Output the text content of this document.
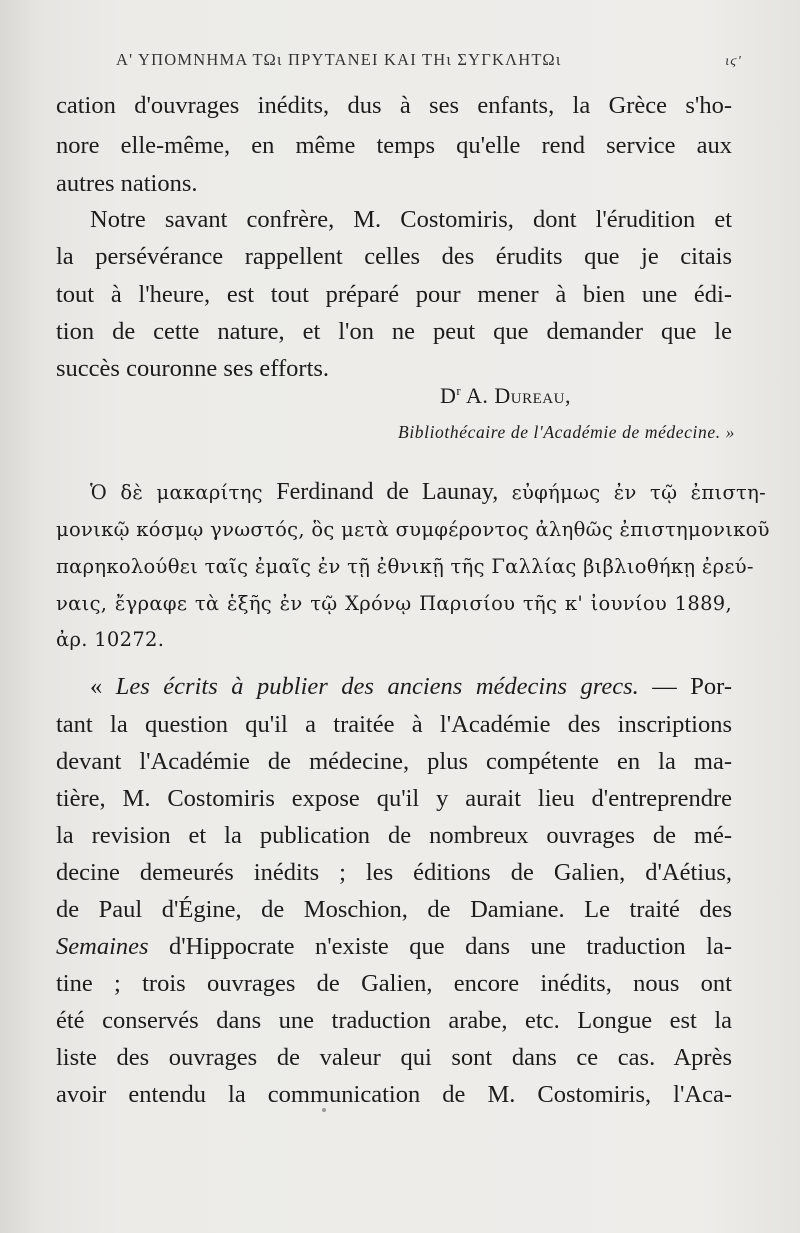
Α' ΥΠΟΜΝΗΜΑ ΤΩι ΠΡΥΤΑΝΕΙ ΚΑΙ ΤΗι ΣΥΓΚΛΗΤΩι	ιϛ'
cation d'ouvrages inédits, dus à ses enfants, la Grèce s'ho-
nore elle-même, en même temps qu'elle rend service aux
autres nations.
Notre savant confrère, M. Costomiris, dont l'érudition et
la persévérance rappellent celles des érudits que je citais
tout à l'heure, est tout préparé pour mener à bien une édi-
tion de cette nature, et l'on ne peut que demander que le
succès couronne ses efforts.
$D^r$ A. Dureau,
Bibliothécaire de l'Académie de médecine. »
Ὁ δὲ μακαρίτης Ferdinand de Launay, εὐφήμως ἐν τῷ ἐπιστη-
μονικῷ κόσμῳ γνωστός, ὃς μετὰ συμφέροντος ἀληθῶς ἐπιστημονικοῦ
παρηκολούθει ταῖς ἐμαῖς ἐν τῇ ἐθνικῇ τῆς Γαλλίας βιβλιοθήκῃ ἐρεύ-
ναις, ἔγραφε τὰ ἑξῆς ἐν τῷ Χρόνῳ Παρισίου τῆς κ' ἰουνίου 1889,
ἀρ. 10272.
« Les écrits à publier des anciens médecins grecs. — Por-
tant la question qu'il a traitée à l'Académie des inscriptions
devant l'Académie de médecine, plus compétente en la ma-
tière, M. Costomiris expose qu'il y aurait lieu d'entreprendre
la revision et la publication de nombreux ouvrages de mé-
decine demeurés inédits ; les éditions de Galien, d'Aétius,
de Paul d'Égine, de Moschion, de Damiane. Le traité des
Semaines d'Hippocrate n'existe que dans une traduction la-
tine ; trois ouvrages de Galien, encore inédits, nous ont
été conservés dans une traduction arabe, etc. Longue est la
liste des ouvrages de valeur qui sont dans ce cas. Après
avoir entendu la communication de M. Costomiris, l'Aca-
